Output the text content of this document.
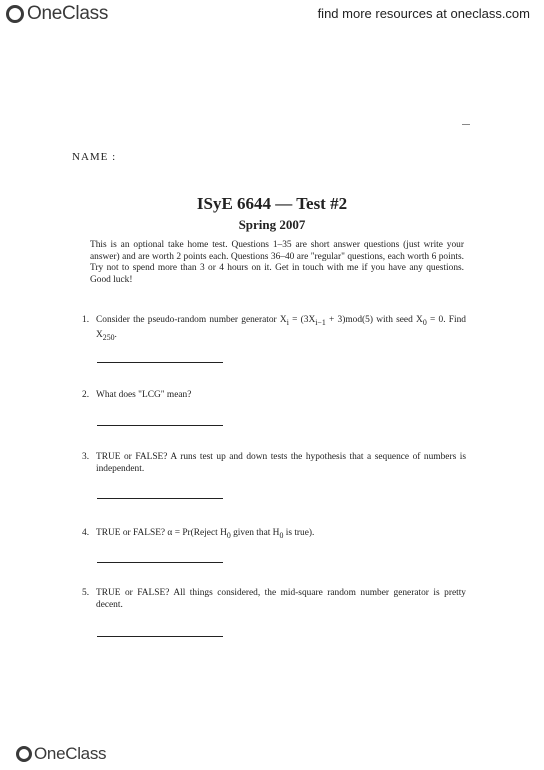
OneClass	find more resources at oneclass.com
NAME :
ISyE 6644 — Test #2
Spring 2007
This is an optional take home test. Questions 1–35 are short answer questions (just write your answer) and are worth 2 points each. Questions 36–40 are "regular" questions, each worth 6 points. Try not to spend more than 3 or 4 hours on it. Get in touch with me if you have any questions. Good luck!
1. Consider the pseudo-random number generator $X_i = (3X_{i-1} + 3)mod(5)$ with seed $X_0 = 0$. Find $X_{250}$.
2. What does "LCG" mean?
3. TRUE or FALSE? A runs test up and down tests the hypothesis that a sequence of numbers is independent.
4. TRUE or FALSE? α = Pr(Reject $H_0$ given that $H_0$ is true).
5. TRUE or FALSE? All things considered, the mid-square random number generator is pretty decent.
OneClass
